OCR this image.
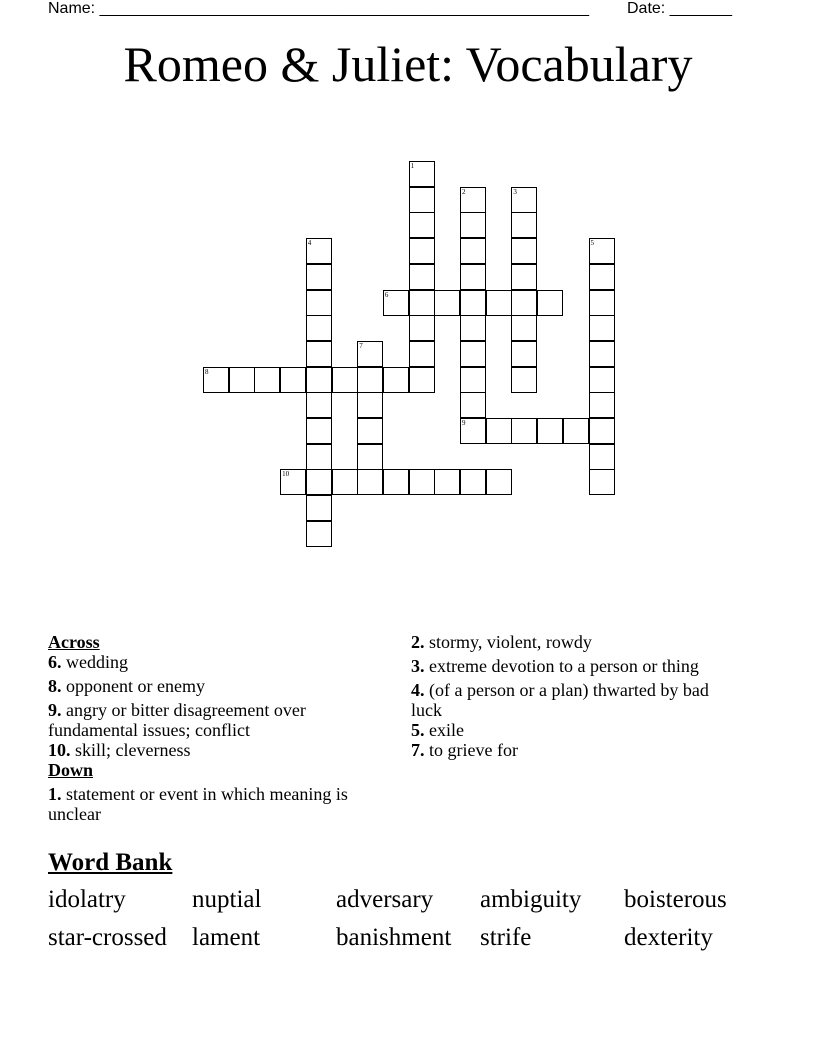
Name: _______________________________________________________ Date: _______
Romeo & Juliet: Vocabulary
1
2	3
4	5
6
7
8
9
10
Across

6. wedding

8. opponent or enemy

9. angry or bitter disagreement over fundamental issues; conflict

10. skill; cleverness

Down

1. statement or event in which meaning is unclear

2. stormy, violent, rowdy

3. extreme devotion to a person or thing

4. (of a person or a plan) thwarted by bad luck

5. exile

7. to grieve for

Word Bank
idolatry	nuptial	adversary ambiguity boisterous
star-crossed lament	banishment strife	dexterity
